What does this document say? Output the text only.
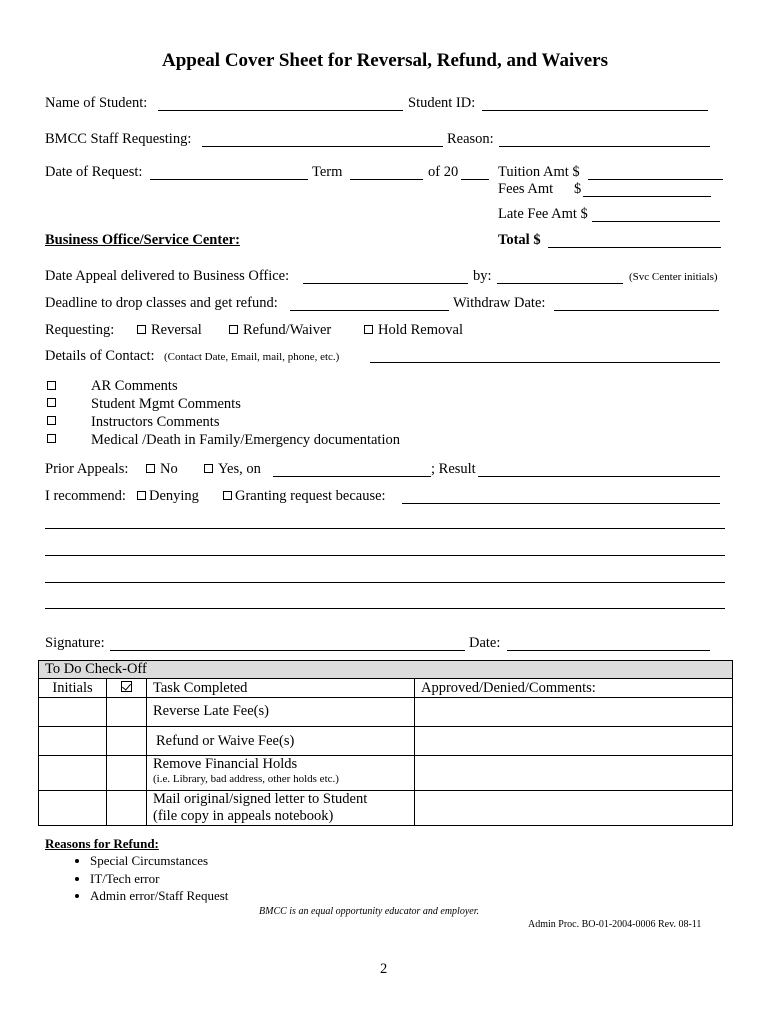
Appeal Cover Sheet for Reversal, Refund, and Waivers
Name of Student:	Student ID:
BMCC Staff Requesting:	Reason:
Date of Request:	Term	of 20	Tuition Amt $
Fees Amt $
Late Fee Amt $
Business Office/Service Center:	Total $
Date Appeal delivered to Business Office:	by:	(Svc Center initials)
Deadline to drop classes and get refund:	Withdraw Date:
Requesting:	Reversal	Refund/Waiver	Hold Removal
Details of Contact: (Contact Date, Email, mail, phone, etc.)
AR Comments
Student Mgmt Comments
Instructors Comments
Medical /Death in Family/Emergency documentation
Prior Appeals:	No	Yes, on	; Result
I recommend:	Denying	Granting request because:
Signature:	Date:
To Do Check-Off			
Initials		Task Completed	Approved/Denied/Comments:
		Reverse Late Fee(s)	
		Refund or Waive Fee(s)	

		Remove Financial Holds
(i.e. Library, bad address, other holds etc.)	

		Mail original/signed letter to Student
(file copy in appeals notebook)	

Reasons for Refund:
• Special Circumstances
• IT/Tech error
• Admin error/Staff Request
BMCC is an equal opportunity educator and employer.
Admin Proc. BO-01-2004-0006 Rev. 08-11
2
